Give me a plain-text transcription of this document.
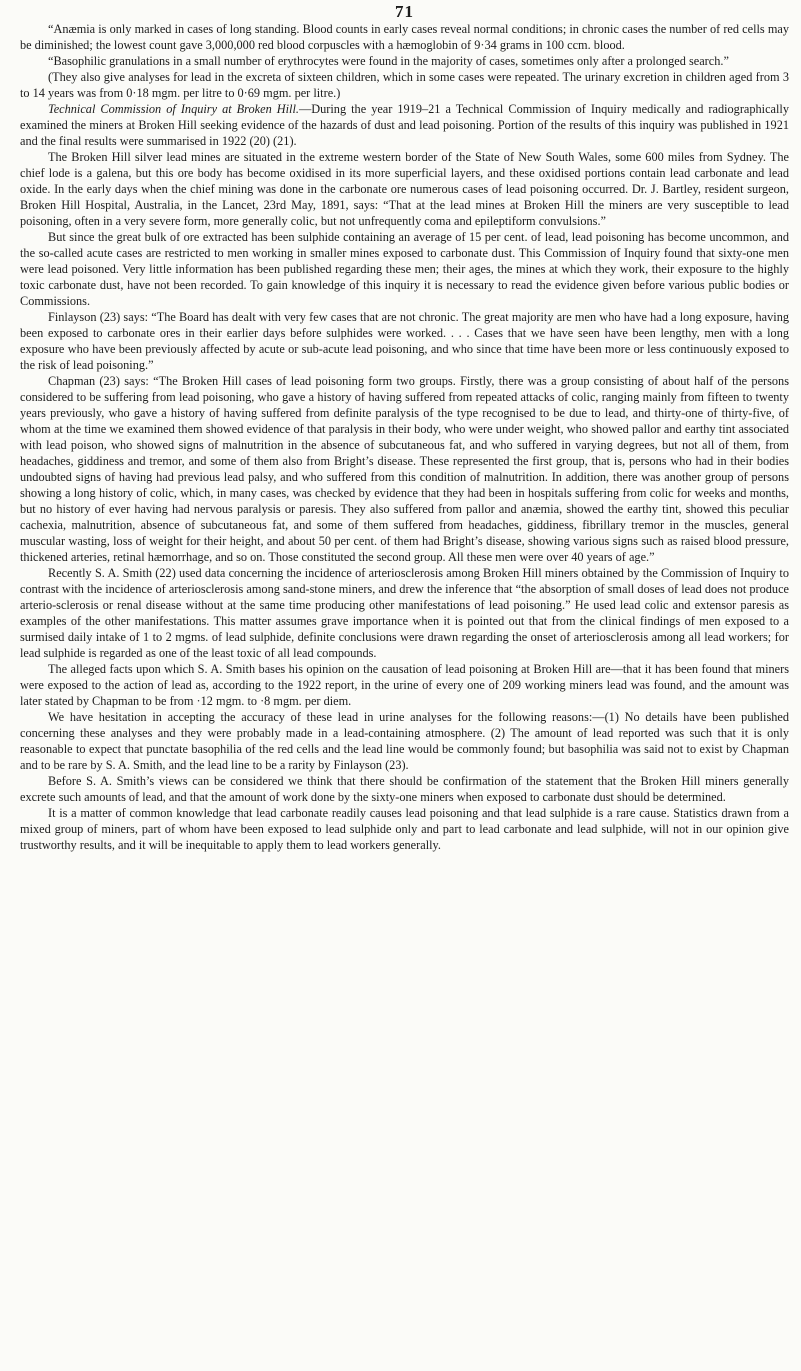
71

“Anæmia is only marked in cases of long standing. Blood counts in early cases reveal normal conditions; in chronic cases the number of red cells may be diminished; the lowest count gave 3,000,000 red blood corpuscles with a hæmoglobin of 9·34 grams in 100 ccm. blood.

“Basophilic granulations in a small number of erythrocytes were found in the majority of cases, sometimes only after a prolonged search.”

(They also give analyses for lead in the excreta of sixteen children, which in some cases were repeated. The urinary excretion in children aged from 3 to 14 years was from 0·18 mgm. per litre to 0·69 mgm. per litre.)

Technical Commission of Inquiry at Broken Hill.—During the year 1919–21 a Technical Commission of Inquiry medically and radiographically examined the miners at Broken Hill seeking evidence of the hazards of dust and lead poisoning. Portion of the results of this inquiry was published in 1921 and the final results were summarised in 1922 (20) (21).

The Broken Hill silver lead mines are situated in the extreme western border of the State of New South Wales, some 600 miles from Sydney. The chief lode is a galena, but this ore body has become oxidised in its more superficial layers, and these oxidised portions contain lead carbonate and lead oxide. In the early days when the chief mining was done in the carbonate ore numerous cases of lead poisoning occurred. Dr. J. Bartley, resident surgeon, Broken Hill Hospital, Australia, in the Lancet, 23rd May, 1891, says: “That at the lead mines at Broken Hill the miners are very susceptible to lead poisoning, often in a very severe form, more generally colic, but not unfrequently coma and epileptiform convulsions.”

But since the great bulk of ore extracted has been sulphide containing an average of 15 per cent. of lead, lead poisoning has become uncommon, and the so-called acute cases are restricted to men working in smaller mines exposed to carbonate dust. This Commission of Inquiry found that sixty-one men were lead poisoned. Very little information has been published regarding these men; their ages, the mines at which they work, their exposure to the highly toxic carbonate dust, have not been recorded. To gain knowledge of this inquiry it is necessary to read the evidence given before various public bodies or Commissions.

Finlayson (23) says: “The Board has dealt with very few cases that are not chronic. The great majority are men who have had a long exposure, having been exposed to carbonate ores in their earlier days before sulphides were worked. . . . Cases that we have seen have been lengthy, men with a long exposure who have been previously affected by acute or sub-acute lead poisoning, and who since that time have been more or less continuously exposed to the risk of lead poisoning.”

Chapman (23) says: “The Broken Hill cases of lead poisoning form two groups. Firstly, there was a group consisting of about half of the persons considered to be suffering from lead poisoning, who gave a history of having suffered from repeated attacks of colic, ranging mainly from fifteen to twenty years previously, who gave a history of having suffered from definite paralysis of the type recognised to be due to lead, and thirty-one of thirty-five, of whom at the time we examined them showed evidence of that paralysis in their body, who were under weight, who showed pallor and earthy tint associated with lead poison, who showed signs of malnutrition in the absence of subcutaneous fat, and who suffered in varying degrees, but not all of them, from headaches, giddiness and tremor, and some of them also from Bright’s disease. These represented the first group, that is, persons who had in their bodies undoubted signs of having had previous lead palsy, and who suffered from this condition of malnutrition. In addition, there was another group of persons showing a long history of colic, which, in many cases, was checked by evidence that they had been in hospitals suffering from colic for weeks and months, but no history of ever having had nervous paralysis or paresis. They also suffered from pallor and anæmia, showed the earthy tint, showed this peculiar cachexia, malnutrition, absence of subcutaneous fat, and some of them suffered from headaches, giddiness, fibrillary tremor in the muscles, general muscular wasting, loss of weight for their height, and about 50 per cent. of them had Bright’s disease, showing various signs such as raised blood pressure, thickened arteries, retinal hæmorrhage, and so on. Those constituted the second group. All these men were over 40 years of age.”

Recently S. A. Smith (22) used data concerning the incidence of arteriosclerosis among Broken Hill miners obtained by the Commission of Inquiry to contrast with the incidence of arteriosclerosis among sand-stone miners, and drew the inference that “the absorption of small doses of lead does not produce arterio-sclerosis or renal disease without at the same time producing other manifestations of lead poisoning.” He used lead colic and extensor paresis as examples of the other manifestations. This matter assumes grave importance when it is pointed out that from the clinical findings of men exposed to a surmised daily intake of 1 to 2 mgms. of lead sulphide, definite conclusions were drawn regarding the onset of arteriosclerosis among all lead workers; for lead sulphide is regarded as one of the least toxic of all lead compounds.

The alleged facts upon which S. A. Smith bases his opinion on the causation of lead poisoning at Broken Hill are—that it has been found that miners were exposed to the action of lead as, according to the 1922 report, in the urine of every one of 209 working miners lead was found, and the amount was later stated by Chapman to be from ·12 mgm. to ·8 mgm. per diem.

We have hesitation in accepting the accuracy of these lead in urine analyses for the following reasons:—(1) No details have been published concerning these analyses and they were probably made in a lead-containing atmosphere. (2) The amount of lead reported was such that it is only reasonable to expect that punctate basophilia of the red cells and the lead line would be commonly found; but basophilia was said not to exist by Chapman and to be rare by S. A. Smith, and the lead line to be a rarity by Finlayson (23).

Before S. A. Smith’s views can be considered we think that there should be confirmation of the statement that the Broken Hill miners generally excrete such amounts of lead, and that the amount of work done by the sixty-one miners when exposed to carbonate dust should be determined.

It is a matter of common knowledge that lead carbonate readily causes lead poisoning and that lead sulphide is a rare cause. Statistics drawn from a mixed group of miners, part of whom have been exposed to lead sulphide only and part to lead carbonate and lead sulphide, will not in our opinion give trustworthy results, and it will be inequitable to apply them to lead workers generally.
